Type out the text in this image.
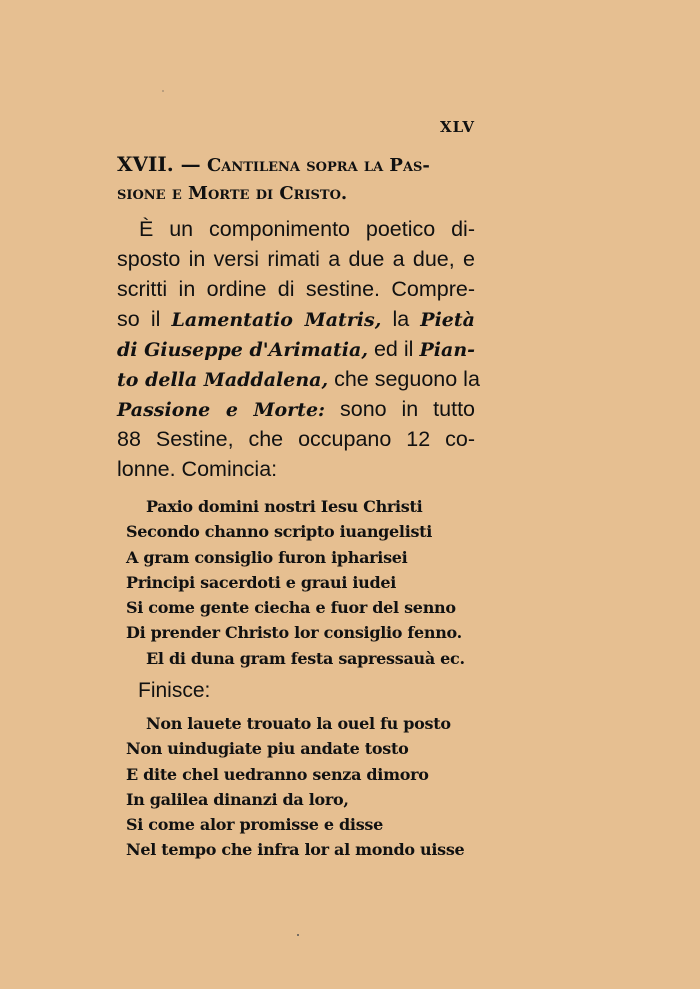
XLV
XVII. — Cantilena sopra la Pas-
sione e Morte di Cristo.
È un componimento poetico di-
sposto in versi rimati a due a due, e
scritti in ordine di sestine. Compre-
so il Lamentatio Matris, la Pietà
di Giuseppe d'Arimatia, ed il Pian-
to della Maddalena, che seguono la
Passione e Morte: sono in tutto
88 Sestine, che occupano 12 co-
lonne. Comincia:
Paxio domini nostri Iesu Christi
Secondo channo scripto iuangelisti
A gram consiglio furon ipharisei
Principi sacerdoti e graui iudei
Si come gente ciecha e fuor del senno
Di prender Christo lor consiglio fenno.
El di duna gram festa sapressauà ec.
Finisce:
Non lauete trouato la ouel fu posto
Non uindugiate piu andate tosto
E dite chel uedranno senza dimoro
In galilea dinanzi da loro,
Si come alor promisse e disse
Nel tempo che infra lor al mondo uisse
